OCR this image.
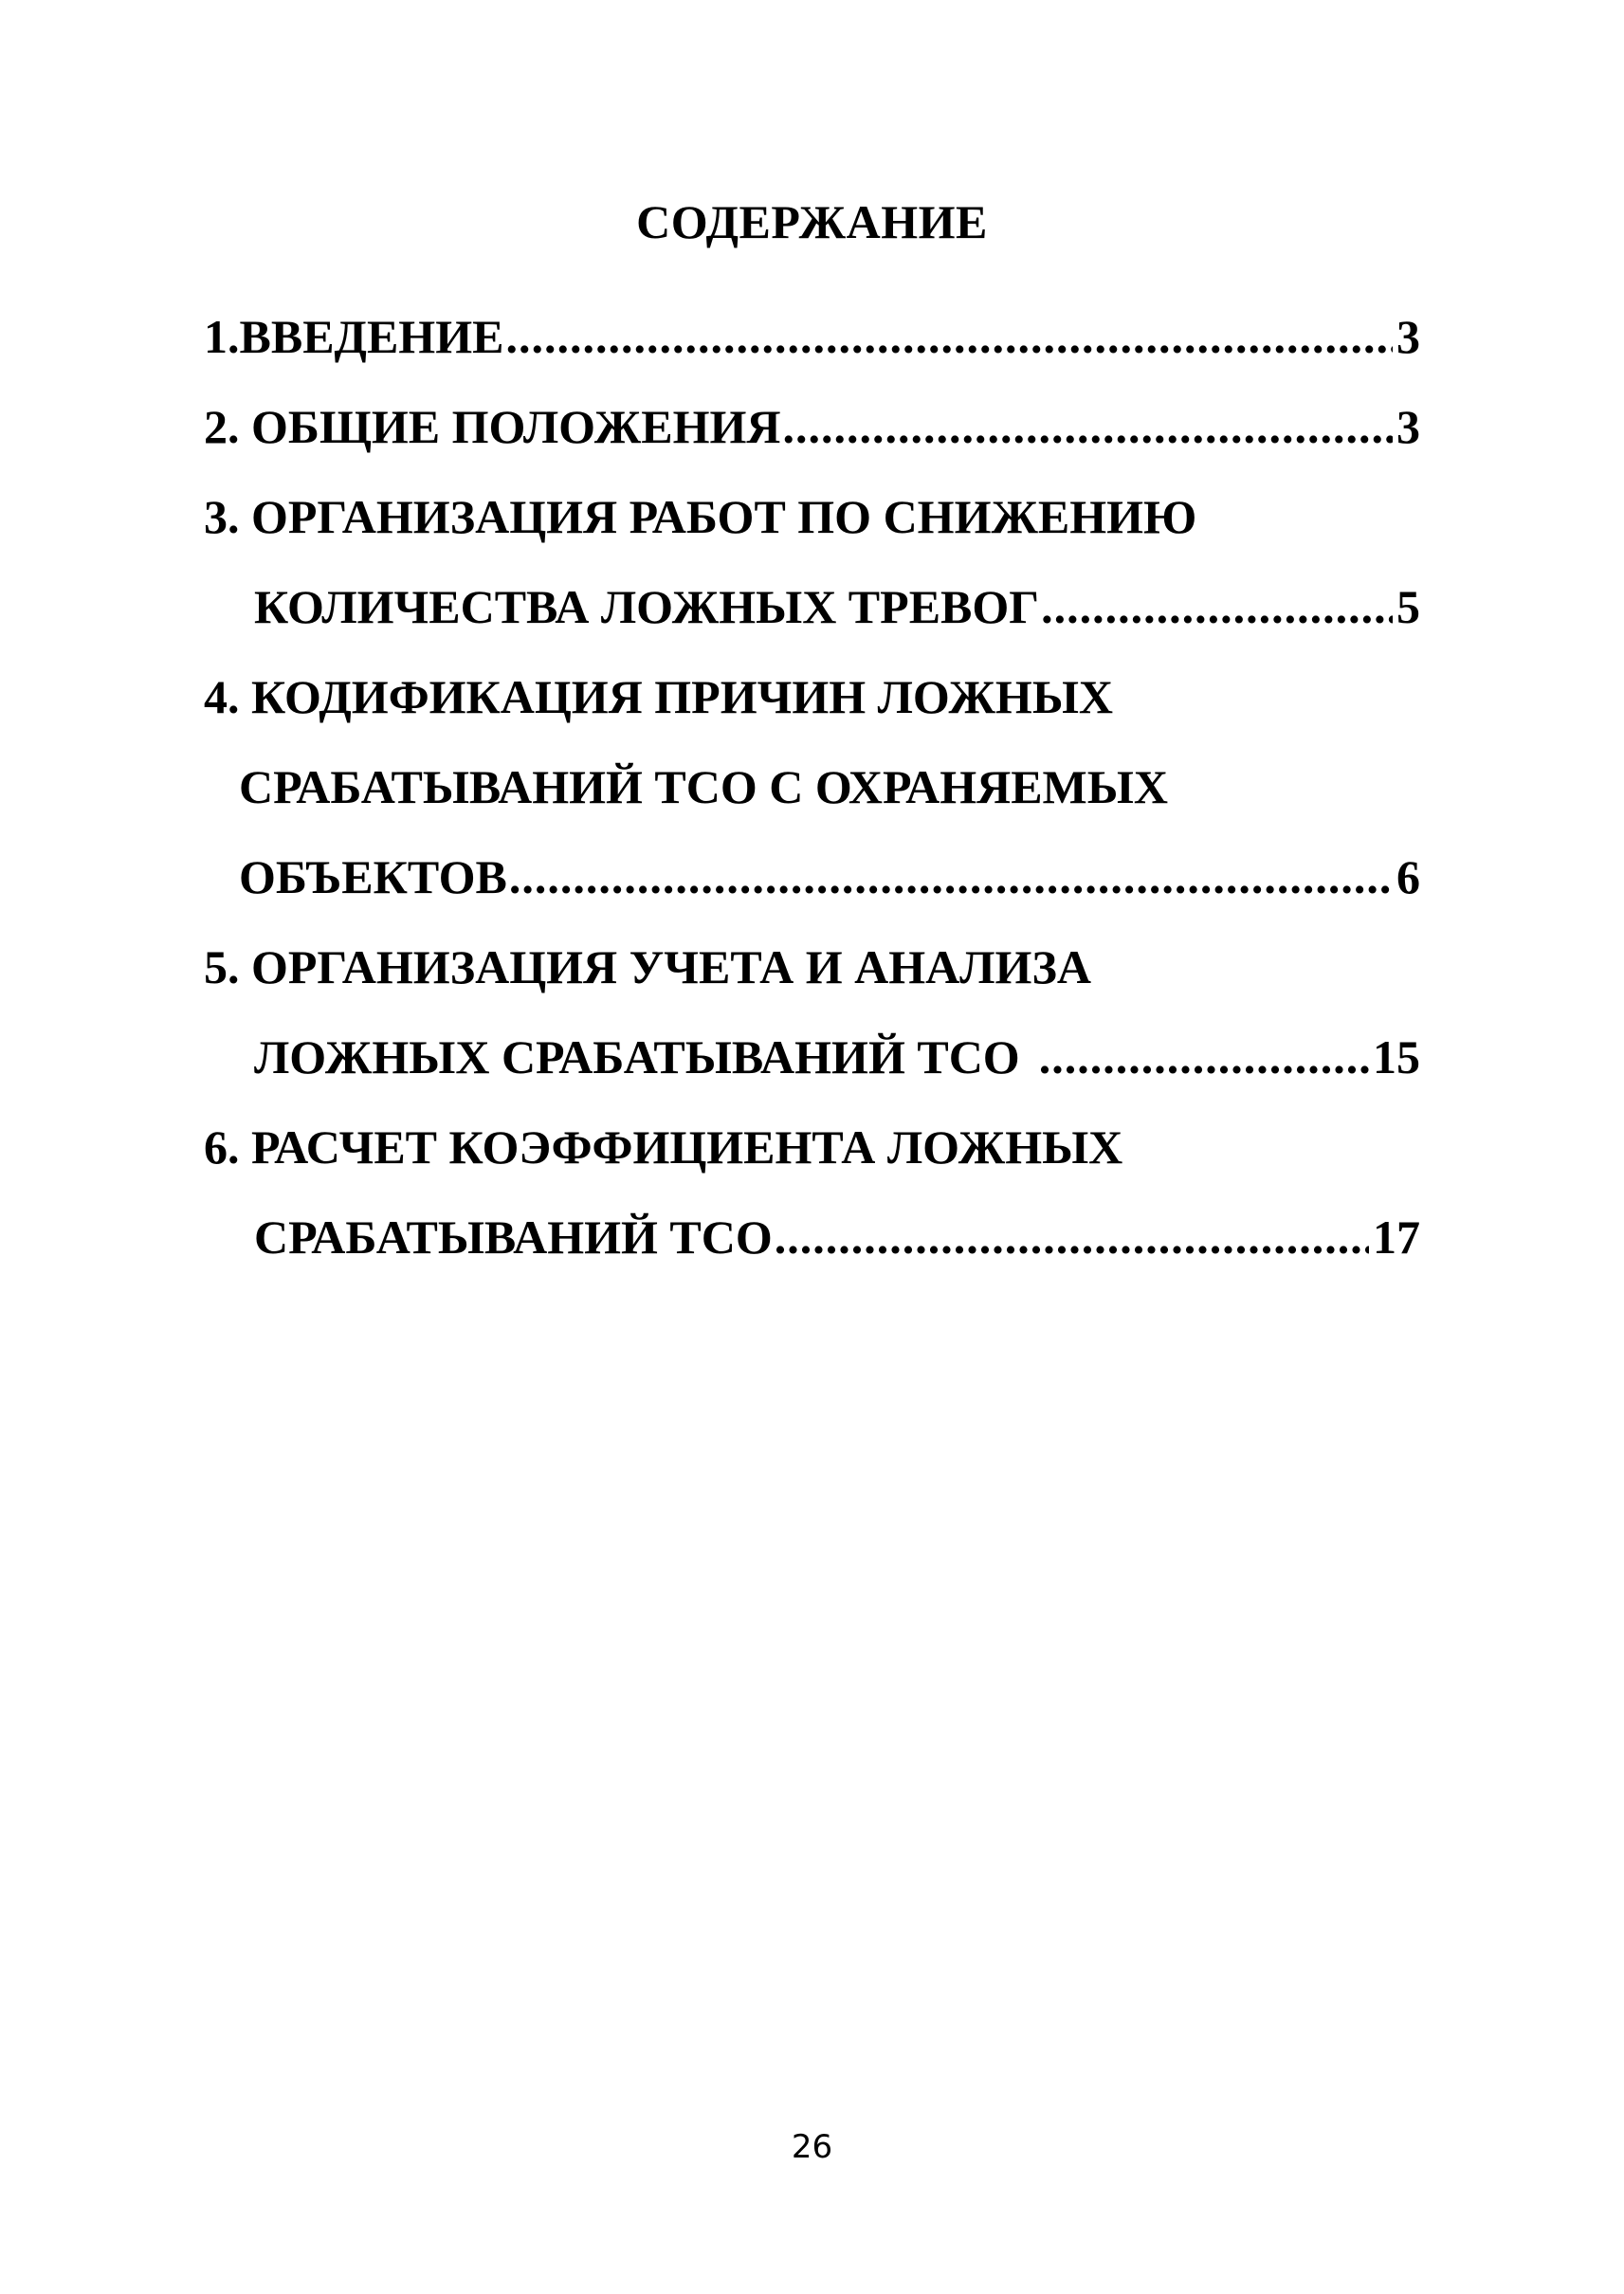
СОДЕРЖАНИЕ
1.ВВЕДЕНИЕ .....	3
2. ОБЩИЕ ПОЛОЖЕНИЯ .....	3
3. ОРГАНИЗАЦИЯ РАБОТ ПО СНИЖЕНИЮ
КОЛИЧЕСТВА ЛОЖНЫХ ТРЕВОГ .....	5
4. КОДИФИКАЦИЯ ПРИЧИН ЛОЖНЫХ
СРАБАТЫВАНИЙ ТСО С ОХРАНЯЕМЫХ
ОБЪЕКТОВ .....	6
5. ОРГАНИЗАЦИЯ УЧЕТА И АНАЛИЗА
ЛОЖНЫХ СРАБАТЫВАНИЙ ТСО .....	15
6. РАСЧЕТ КОЭФФИЦИЕНТА ЛОЖНЫХ
СРАБАТЫВАНИЙ ТСО .....	17
26
